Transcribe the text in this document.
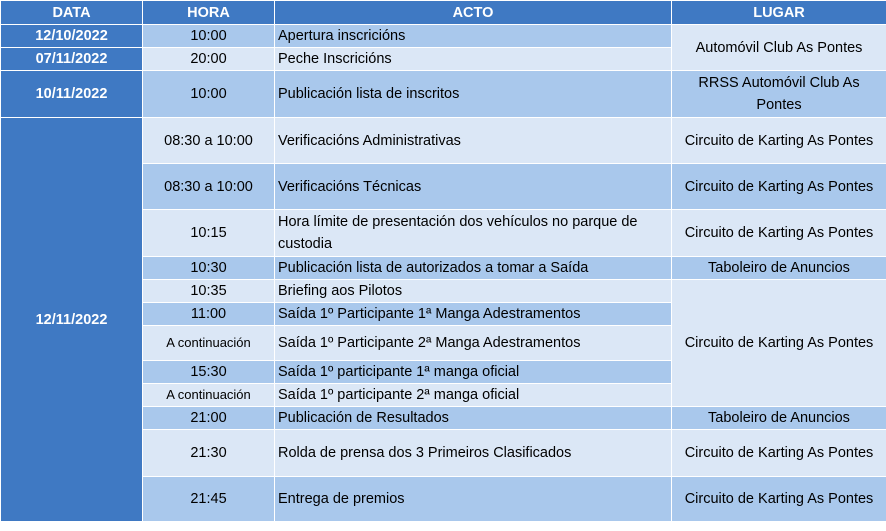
DATA	HORA	ACTO	LUGAR
12/10/2022	10:00	Apertura inscricións	Automóvil Club As Pontes
07/11/2022	20:00	Peche Inscricións	
10/11/2022	10:00	Publicación lista de inscritos	RRSS Automóvil Club As Pontes
12/11/2022	08:30 a 10:00	Verificacións Administrativas	Circuito de Karting As Pontes
	08:30 a 10:00	Verificacións Técnicas	Circuito de Karting As Pontes
	10:15	Hora límite de presentación dos vehículos no parque de custodia	Circuito de Karting As Pontes
	10:30	Publicación lista de autorizados a tomar a Saída	Taboleiro de Anuncios
	10:35	Briefing aos Pilotos	Circuito de Karting As Pontes
	11:00	Saída 1º Participante 1ª Manga Adestramentos	
	A continuación	Saída 1º Participante 2ª Manga Adestramentos	
	15:30	Saída 1º participante 1ª manga oficial	
	A continuación	Saída 1º participante 2ª manga oficial	
	21:00	Publicación de Resultados	Taboleiro de Anuncios
	21:30	Rolda de prensa dos 3 Primeiros Clasificados	Circuito de Karting As Pontes
	21:45	Entrega de premios	Circuito de Karting As Pontes
